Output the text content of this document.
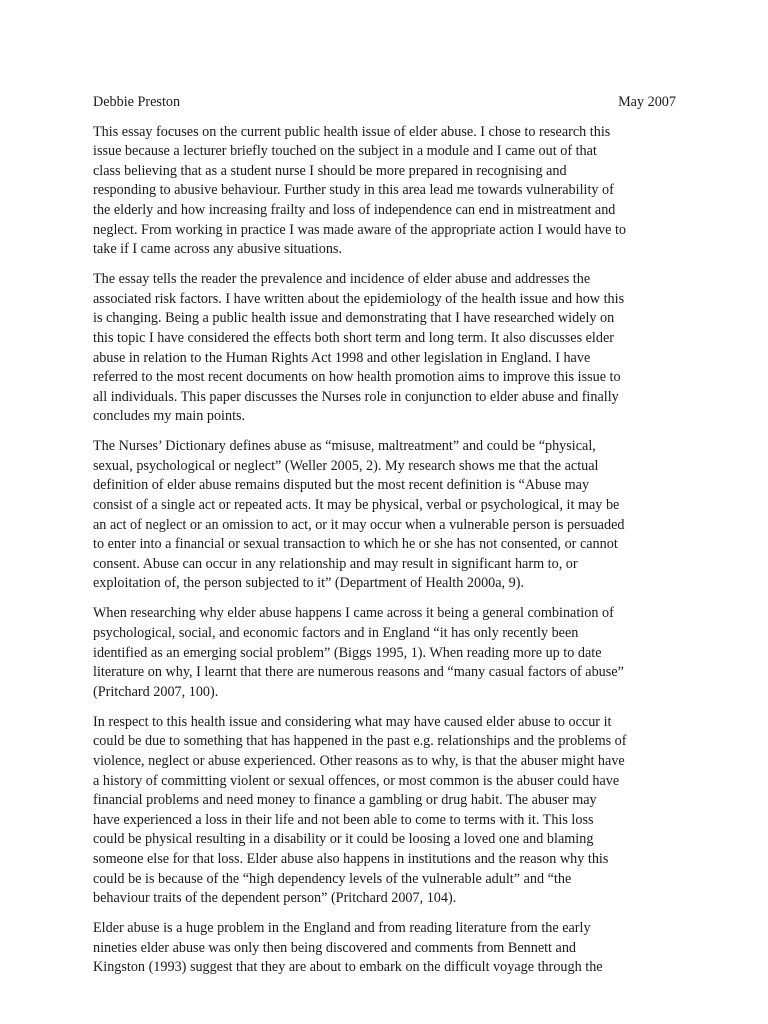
Debbie Preston	May 2007
This essay focuses on the current public health issue of elder abuse. I chose to research this
issue because a lecturer briefly touched on the subject in a module and I came out of that
class believing that as a student nurse I should be more prepared in recognising and
responding to abusive behaviour. Further study in this area lead me towards vulnerability of
the elderly and how increasing frailty and loss of independence can end in mistreatment and
neglect. From working in practice I was made aware of the appropriate action I would have to
take if I came across any abusive situations.
The essay tells the reader the prevalence and incidence of elder abuse and addresses the
associated risk factors. I have written about the epidemiology of the health issue and how this
is changing. Being a public health issue and demonstrating that I have researched widely on
this topic I have considered the effects both short term and long term. It also discusses elder
abuse in relation to the Human Rights Act 1998 and other legislation in England. I have
referred to the most recent documents on how health promotion aims to improve this issue to
all individuals. This paper discusses the Nurses role in conjunction to elder abuse and finally
concludes my main points.
The Nurses’ Dictionary defines abuse as “misuse, maltreatment” and could be “physical,
sexual, psychological or neglect” (Weller 2005, 2). My research shows me that the actual
definition of elder abuse remains disputed but the most recent definition is “Abuse may
consist of a single act or repeated acts. It may be physical, verbal or psychological, it may be
an act of neglect or an omission to act, or it may occur when a vulnerable person is persuaded
to enter into a financial or sexual transaction to which he or she has not consented, or cannot
consent. Abuse can occur in any relationship and may result in significant harm to, or
exploitation of, the person subjected to it” (Department of Health 2000a, 9).
When researching why elder abuse happens I came across it being a general combination of
psychological, social, and economic factors and in England “it has only recently been
identified as an emerging social problem” (Biggs 1995, 1). When reading more up to date
literature on why, I learnt that there are numerous reasons and “many casual factors of abuse”
(Pritchard 2007, 100).
In respect to this health issue and considering what may have caused elder abuse to occur it
could be due to something that has happened in the past e.g. relationships and the problems of
violence, neglect or abuse experienced. Other reasons as to why, is that the abuser might have
a history of committing violent or sexual offences, or most common is the abuser could have
financial problems and need money to finance a gambling or drug habit. The abuser may
have experienced a loss in their life and not been able to come to terms with it. This loss
could be physical resulting in a disability or it could be loosing a loved one and blaming
someone else for that loss. Elder abuse also happens in institutions and the reason why this
could be is because of the “high dependency levels of the vulnerable adult” and “the
behaviour traits of the dependent person” (Pritchard 2007, 104).
Elder abuse is a huge problem in the England and from reading literature from the early
nineties elder abuse was only then being discovered and comments from Bennett and
Kingston (1993) suggest that they are about to embark on the difficult voyage through the
